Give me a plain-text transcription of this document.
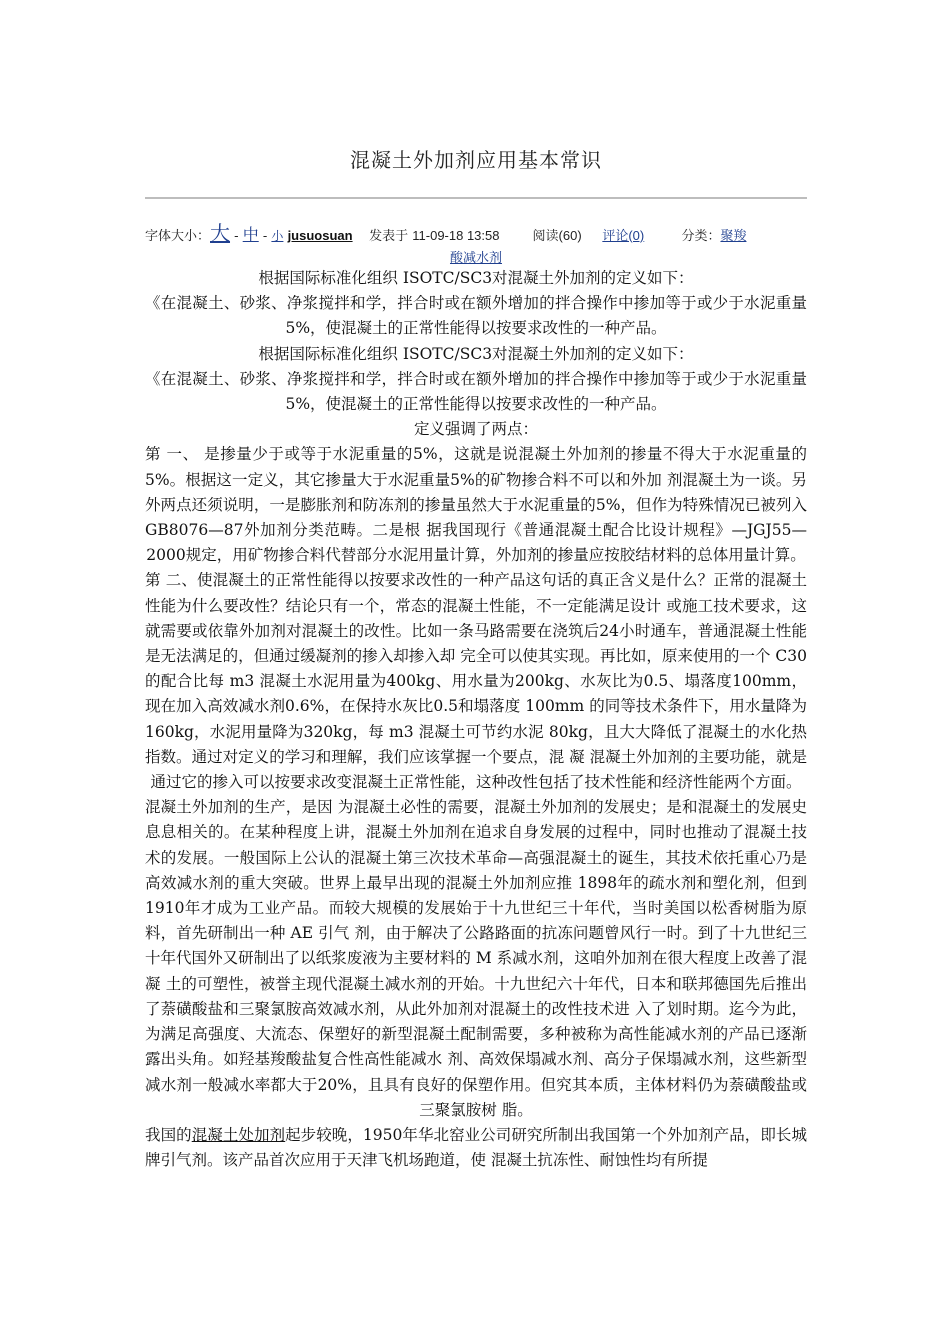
混凝土外加剂应用基本常识
字体大小：大 - 中 - 小 jusuosuan 发表于 11-09-18 13:58	阅读(60) 评论(0)	分类：聚羧
酸减水剂

根据国际标准化组织 ISOTC/SC3对混凝土外加剂的定义如下：

《在混凝土、砂浆、净浆搅拌和学，拌合时或在额外增加的拌合操作中掺加等于或少于水泥重量5%，使混凝土的正常性能得以按要求改性的一种产品。

根据国际标准化组织 ISOTC/SC3对混凝土外加剂的定义如下：

《在混凝土、砂浆、净浆搅拌和学，拌合时或在额外增加的拌合操作中掺加等于或少于水泥重量5%，使混凝土的正常性能得以按要求改性的一种产品。

定义强调了两点：

第 一、 是掺量少于或等于水泥重量的5%，这就是说混凝土外加剂的掺量不得大于水泥重量的5%。根据这一定义，其它掺量大于水泥重量5%的矿物掺合料不可以和外加 剂混凝土为一谈。另外两点还须说明，一是膨胀剂和防冻剂的掺量虽然大于水泥重量的5%，但作为特殊情况已被列入 GB8076—87外加剂分类范畴。二是根 据我国现行《普通混凝土配合比设计规程》—JGJ55—2000规定，用矿物掺合料代替部分水泥用量计算，外加剂的掺量应按胶结材料的总体用量计算。

第 二、使混凝土的正常性能得以按要求改性的一种产品这句话的真正含义是什么？正常的混凝土性能为什么要改性？结论只有一个，常态的混凝土性能，不一定能满足设计 或施工技术要求，这就需要或依靠外加剂对混凝土的改性。比如一条马路需要在浇筑后24小时通车，普通混凝土性能是无法满足的，但通过缓凝剂的掺入却掺入却 完全可以使其实现。再比如，原来使用的一个 C30的配合比每 m3 混凝土水泥用量为400kg、用水量为200kg、水灰比为0.5、塌落度100mm，现在加入高效减水剂0.6%，在保持水灰比0.5和塌落度 100mm 的同等技术条件下，用水量降为160kg，水泥用量降为320kg，每 m3 混凝土可节约水泥 80kg，且大大降低了混凝土的水化热指数。通过对定义的学习和理解，我们应该掌握一个要点，混 凝 混凝土外加剂的主要功能，就是通过它的掺入可以按要求改变混凝土正常性能，这种改性包括了技术性能和经济性能两个方面。

混凝土外加剂的生产，是因 为混凝土必性的需要，混凝土外加剂的发展史；是和混凝土的发展史息息相关的。在某种程度上讲，混凝土外加剂在追求自身发展的过程中，同时也推动了混凝土技 术的发展。一般国际上公认的混凝土第三次技术革命—高强混凝土的诞生，其技术依托重心乃是高效减水剂的重大突破。世界上最早出现的混凝土外加剂应推 1898年的疏水剂和塑化剂，但到1910年才成为工业产品。而较大规模的发展始于十九世纪三十年代，当时美国以松香树脂为原料，首先研制出一种 AE 引气 剂，由于解决了公路路面的抗冻问题曾风行一时。到了十九世纪三十年代国外又研制出了以纸浆废液为主要材料的 M 系减水剂，这咱外加剂在很大程度上改善了混凝 土的可塑性，被誉主现代混凝土减水剂的开始。十九世纪六十年代，日本和联邦德国先后推出了萘磺酸盐和三聚氯胺高效减水剂，从此外加剂对混凝土的改性技术进 入了划时期。迄今为此，为满足高强度、大流态、保塑好的新型混凝土配制需要，多种被称为高性能减水剂的产品已逐渐露出头角。如羟基羧酸盐复合性高性能减水 剂、高效保塌减水剂、高分子保塌减水剂，这些新型减水剂一般减水率都大于20%，且具有良好的保塑作用。但究其本质，主体材料仍为萘磺酸盐或三聚氯胺树 脂。

我国的混凝土处加剂起步较晚，1950年华北窑业公司研究所制出我国第一个外加剂产品，即长城牌引气剂。该产品首次应用于天津飞机场跑道，使 混凝土抗冻性、耐蚀性均有所提
